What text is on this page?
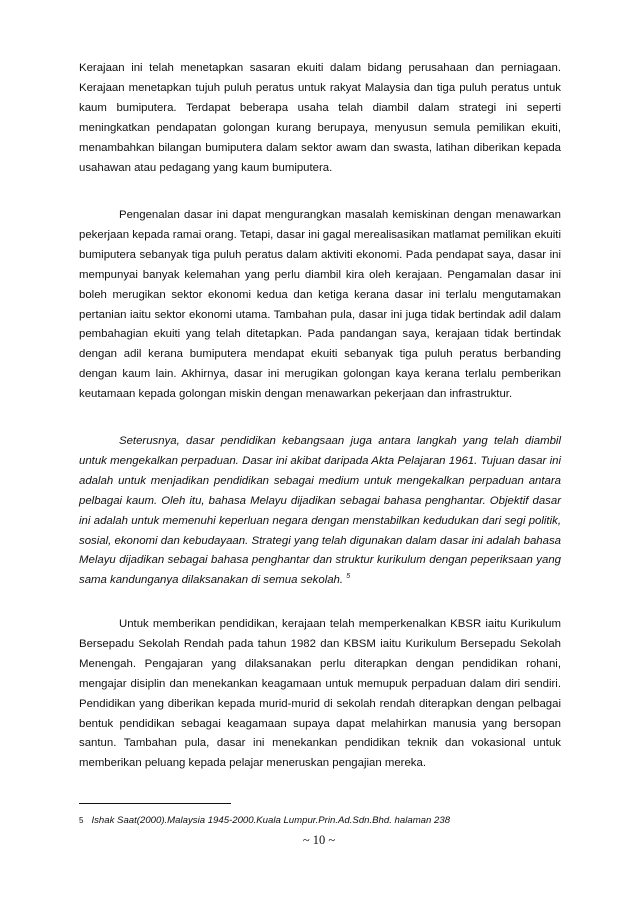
Kerajaan ini telah menetapkan sasaran ekuiti dalam bidang perusahaan dan perniagaan. Kerajaan menetapkan tujuh puluh peratus untuk rakyat Malaysia dan tiga puluh peratus untuk kaum bumiputera. Terdapat beberapa usaha telah diambil dalam strategi ini seperti meningkatkan pendapatan golongan kurang berupaya, menyusun semula pemilikan ekuiti, menambahkan bilangan bumiputera dalam sektor awam dan swasta, latihan diberikan kepada usahawan atau pedagang yang kaum bumiputera.

Pengenalan dasar ini dapat mengurangkan masalah kemiskinan dengan menawarkan pekerjaan kepada ramai orang. Tetapi, dasar ini gagal merealisasikan matlamat pemilikan ekuiti bumiputera sebanyak tiga puluh peratus dalam aktiviti ekonomi. Pada pendapat saya, dasar ini mempunyai banyak kelemahan yang perlu diambil kira oleh kerajaan. Pengamalan dasar ini boleh merugikan sektor ekonomi kedua dan ketiga kerana dasar ini terlalu mengutamakan pertanian iaitu sektor ekonomi utama. Tambahan pula, dasar ini juga tidak bertindak adil dalam pembahagian ekuiti yang telah ditetapkan. Pada pandangan saya, kerajaan tidak bertindak dengan adil kerana bumiputera mendapat ekuiti sebanyak tiga puluh peratus berbanding dengan kaum lain. Akhirnya, dasar ini merugikan golongan kaya kerana terlalu pemberikan keutamaan kepada golongan miskin dengan menawarkan pekerjaan dan infrastruktur.

Seterusnya, dasar pendidikan kebangsaan juga antara langkah yang telah diambil untuk mengekalkan perpaduan. Dasar ini akibat daripada Akta Pelajaran 1961. Tujuan dasar ini adalah untuk menjadikan pendidikan sebagai medium untuk mengekalkan perpaduan antara pelbagai kaum. Oleh itu, bahasa Melayu dijadikan sebagai bahasa penghantar. Objektif dasar ini adalah untuk memenuhi keperluan negara dengan menstabilkan kedudukan dari segi politik, sosial, ekonomi dan kebudayaan. Strategi yang telah digunakan dalam dasar ini adalah bahasa Melayu dijadikan sebagai bahasa penghantar dan struktur kurikulum dengan peperiksaan yang sama kandunganya dilaksanakan di semua sekolah. $^5$

Untuk memberikan pendidikan, kerajaan telah memperkenalkan KBSR iaitu Kurikulum Bersepadu Sekolah Rendah pada tahun 1982 dan KBSM iaitu Kurikulum Bersepadu Sekolah Menengah. Pengajaran yang dilaksanakan perlu diterapkan dengan pendidikan rohani, mengajar disiplin dan menekankan keagamaan untuk memupuk perpaduan dalam diri sendiri. Pendidikan yang diberikan kepada murid-murid di sekolah rendah diterapkan dengan pelbagai bentuk pendidikan sebagai keagamaan supaya dapat melahirkan manusia yang bersopan santun. Tambahan pula, dasar ini menekankan pendidikan teknik dan vokasional untuk memberikan peluang kepada pelajar meneruskan pengajian mereka.

5 Ishak Saat(2000).Malaysia 1945-2000.Kuala Lumpur.Prin.Ad.Sdn.Bhd. halaman 238
~ 10 ~
